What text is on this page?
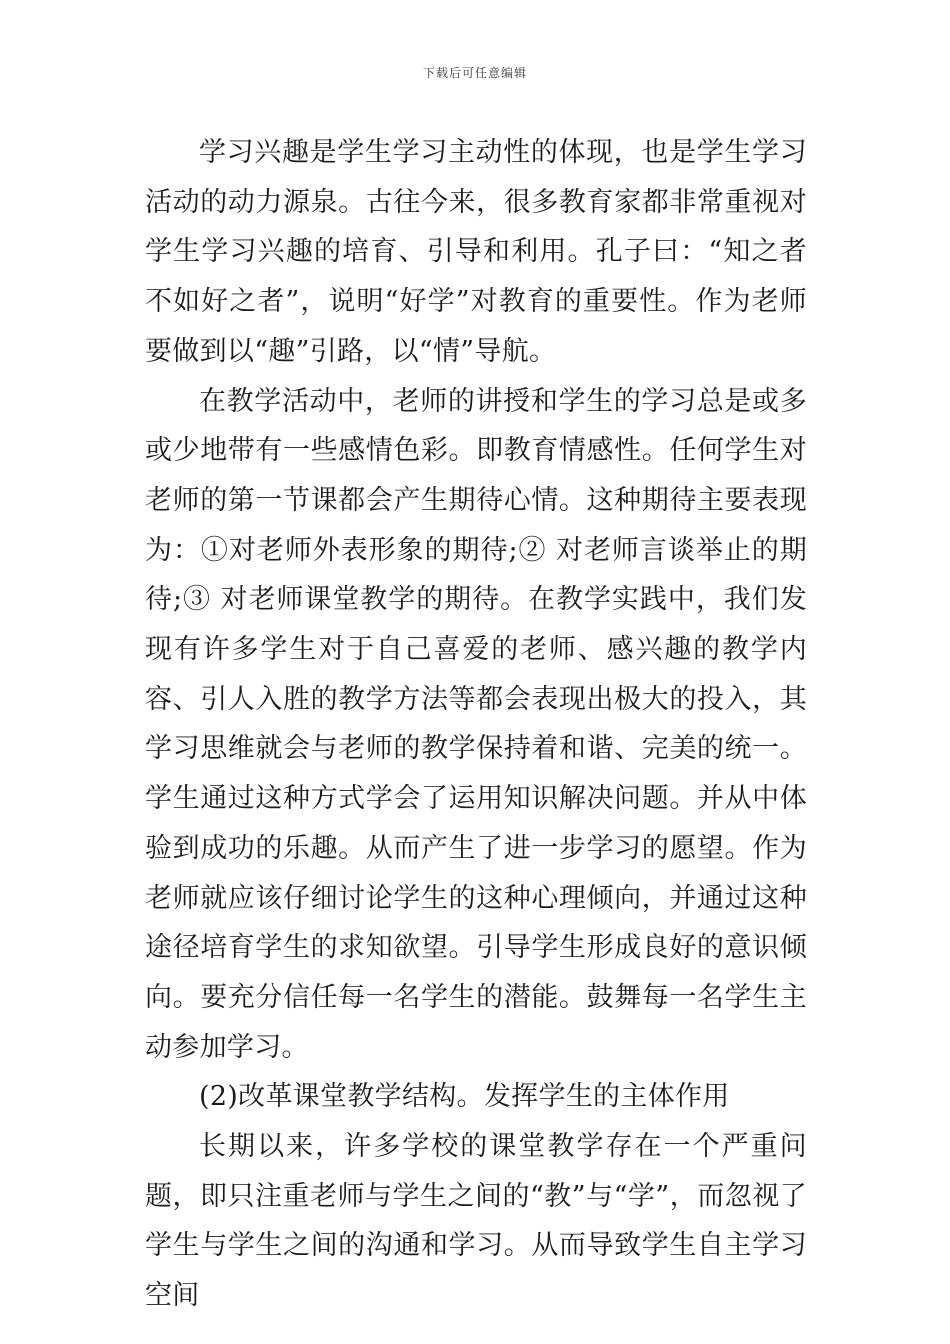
下载后可任意编辑

学习兴趣是学生学习主动性的体现，也是学生学习活动的动力源泉。古往今来，很多教育家都非常重视对学生学习兴趣的培育、引导和利用。孔子曰：“知之者不如好之者”，说明“好学”对教育的重要性。作为老师要做到以“趣”引路，以“情”导航。

在教学活动中，老师的讲授和学生的学习总是或多或少地带有一些感情色彩。即教育情感性。任何学生对老师的第一节课都会产生期待心情。这种期待主要表现为：①对老师外表形象的期待;② 对老师言谈举止的期待;③ 对老师课堂教学的期待。在教学实践中，我们发现有许多学生对于自己喜爱的老师、感兴趣的教学内容、引人入胜的教学方法等都会表现出极大的投入，其学习思维就会与老师的教学保持着和谐、完美的统一。学生通过这种方式学会了运用知识解决问题。并从中体验到成功的乐趣。从而产生了进一步学习的愿望。作为老师就应该仔细讨论学生的这种心理倾向，并通过这种途径培育学生的求知欲望。引导学生形成良好的意识倾向。要充分信任每一名学生的潜能。鼓舞每一名学生主动参加学习。

(2)改革课堂教学结构。发挥学生的主体作用

长期以来，许多学校的课堂教学存在一个严重问题，即只注重老师与学生之间的“教”与“学”，而忽视了学生与学生之间的沟通和学习。从而导致学生自主学习空间
